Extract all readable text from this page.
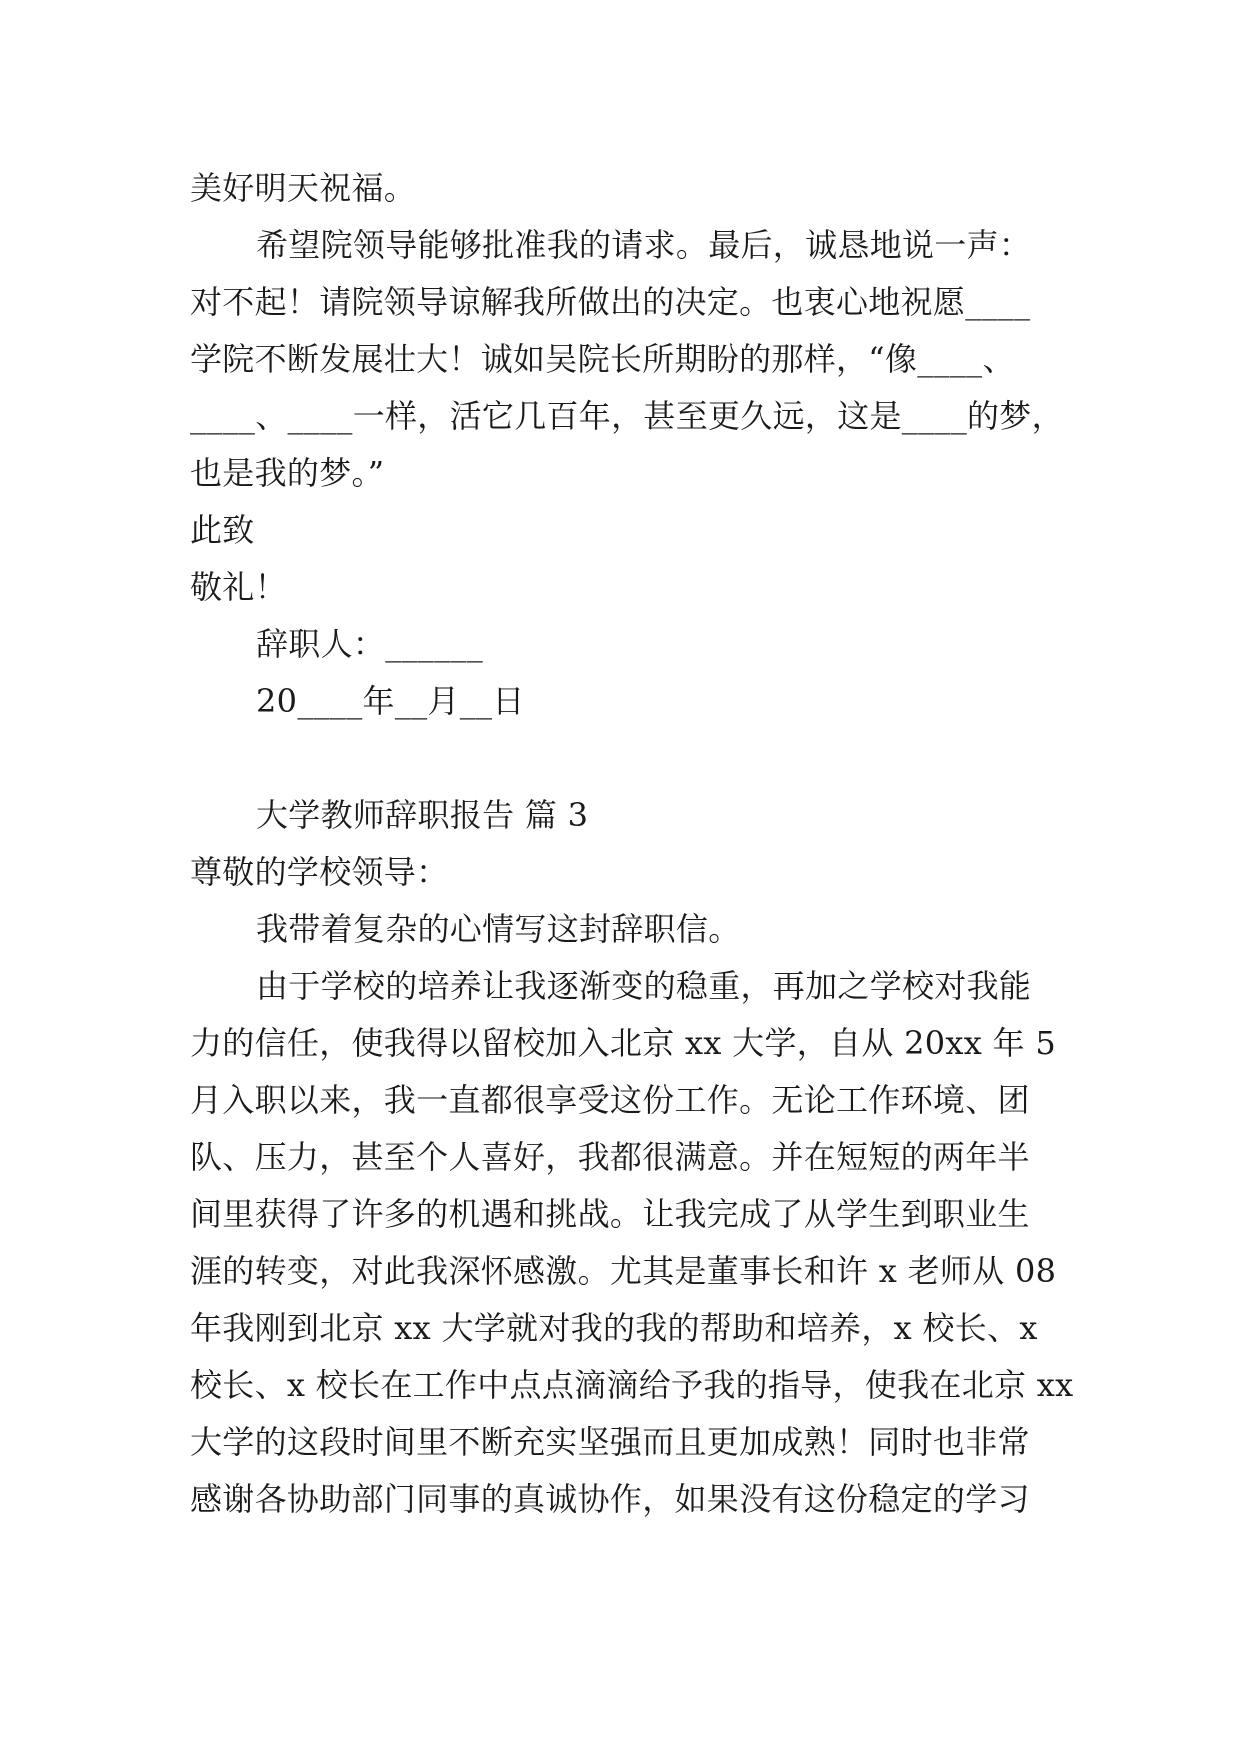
美好明天祝福。
希望院领导能够批准我的请求。最后，诚恳地说一声：
对不起！请院领导谅解我所做出的决定。也衷心地祝愿____
学院不断发展壮大！诚如吴院长所期盼的那样，“像____、
____、____一样，活它几百年，甚至更久远，这是____的梦，
也是我的梦。”
此致
敬礼！
辞职人：______
20____年__月__日
大学教师辞职报告 篇 3
尊敬的学校领导：
我带着复杂的心情写这封辞职信。
由于学校的培养让我逐渐变的稳重，再加之学校对我能
力的信任，使我得以留校加入北京 xx 大学，自从 20xx 年 5
月入职以来，我一直都很享受这份工作。无论工作环境、团
队、压力，甚至个人喜好，我都很满意。并在短短的两年半
间里获得了许多的机遇和挑战。让我完成了从学生到职业生
涯的转变，对此我深怀感激。尤其是董事长和许 x 老师从 08
年我刚到北京 xx 大学就对我的我的帮助和培养，x 校长、x
校长、x 校长在工作中点点滴滴给予我的指导，使我在北京 xx
大学的这段时间里不断充实坚强而且更加成熟！同时也非常
感谢各协助部门同事的真诚协作，如果没有这份稳定的学习
